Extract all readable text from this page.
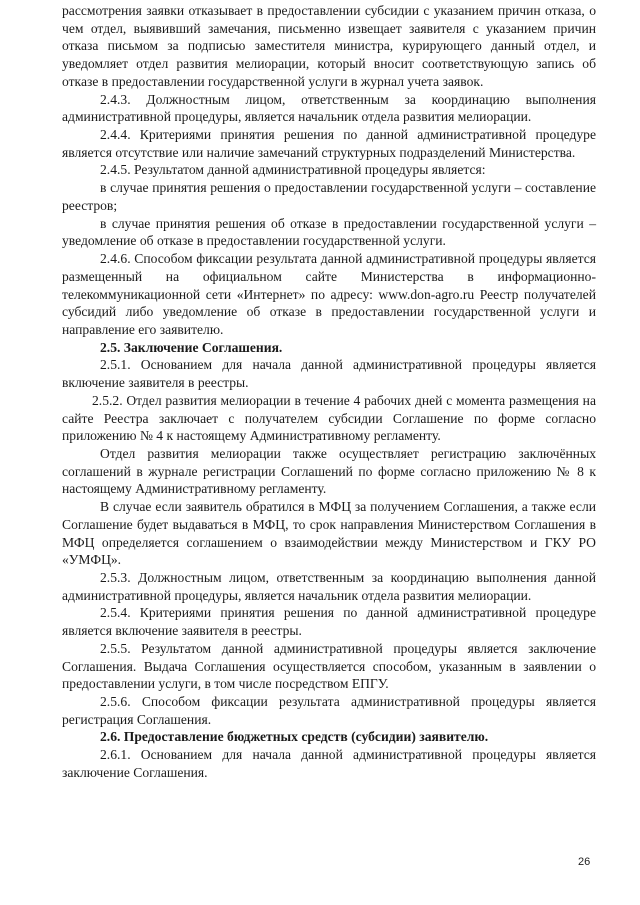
рассмотрения заявки отказывает в предоставлении субсидии с указанием причин отказа, о чем отдел, выявивший замечания, письменно извещает заявителя с указанием причин отказа письмом за подписью заместителя министра, курирующего данный отдел, и уведомляет отдел развития мелиорации, который вносит соответствующую запись об отказе в предоставлении государственной услуги в журнал учета заявок.

2.4.3. Должностным лицом, ответственным за координацию выполнения административной процедуры, является начальник отдела развития мелиорации.

2.4.4. Критериями принятия решения по данной административной процедуре является отсутствие или наличие замечаний структурных подразделений Министерства.

2.4.5. Результатом данной административной процедуры является:

в случае принятия решения о предоставлении государственной услуги – составление реестров;

в случае принятия решения об отказе в предоставлении государственной услуги – уведомление об отказе в предоставлении государственной услуги.

2.4.6. Способом фиксации результата данной административной процедуры является размещенный на официальном сайте Министерства в информационно-телекоммуникационной сети «Интернет» по адресу: www.don-agro.ru Реестр получателей субсидий либо уведомление об отказе в предоставлении государственной услуги и направление его заявителю.

2.5. Заключение Соглашения.

2.5.1. Основанием для начала данной административной процедуры является включение заявителя в реестры.

2.5.2. Отдел развития мелиорации в течение 4 рабочих дней с момента размещения на сайте Реестра заключает с получателем субсидии Соглашение по форме согласно приложению № 4 к настоящему Административному регламенту.

Отдел развития мелиорации также осуществляет регистрацию заключённых соглашений в журнале регистрации Соглашений по форме согласно приложению № 8 к настоящему Административному регламенту.

В случае если заявитель обратился в МФЦ за получением Соглашения, а также если Соглашение будет выдаваться в МФЦ, то срок направления Министерством Соглашения в МФЦ определяется соглашением о взаимодействии между Министерством и ГКУ РО «УМФЦ».

2.5.3. Должностным лицом, ответственным за координацию выполнения данной административной процедуры, является начальник отдела развития мелиорации.

2.5.4. Критериями принятия решения по данной административной процедуре является включение заявителя в реестры.

2.5.5. Результатом данной административной процедуры является заключение Соглашения. Выдача Соглашения осуществляется способом, указанным в заявлении о предоставлении услуги, в том числе посредством ЕПГУ.

2.5.6. Способом фиксации результата административной процедуры является регистрация Соглашения.

2.6. Предоставление бюджетных средств (субсидии) заявителю.

2.6.1. Основанием для начала данной административной процедуры является заключение Соглашения.

26
